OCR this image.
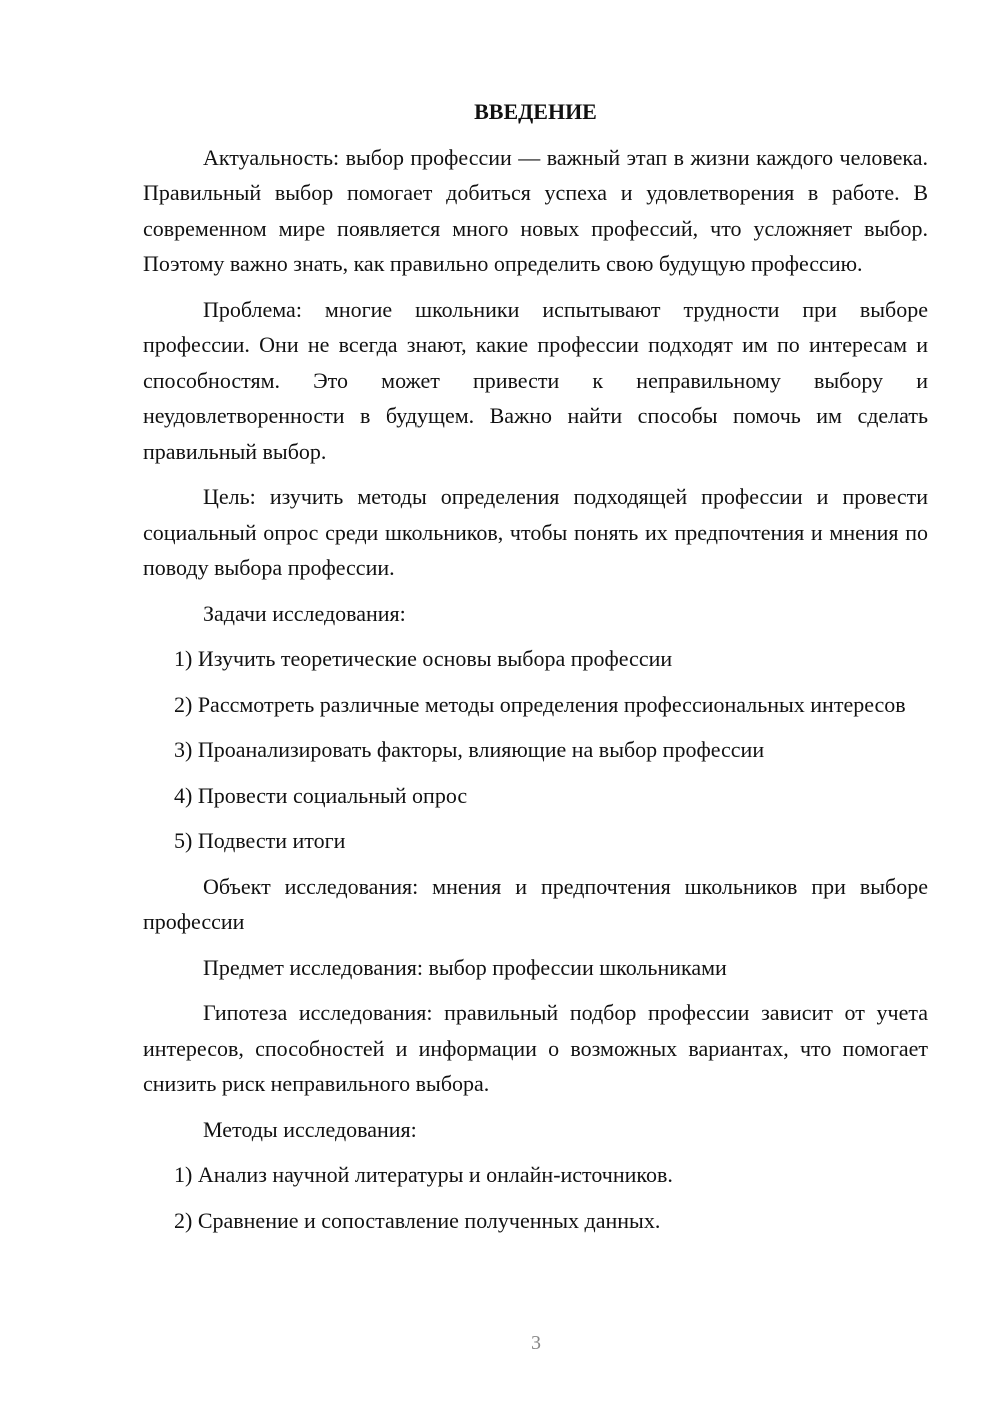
ВВЕДЕНИЕ
Актуальность: выбор профессии — важный этап в жизни каждого человека. Правильный выбор помогает добиться успеха и удовлетворения в работе. В современном мире появляется много новых профессий, что усложняет выбор. Поэтому важно знать, как правильно определить свою будущую профессию.
Проблема: многие школьники испытывают трудности при выборе профессии. Они не всегда знают, какие профессии подходят им по интересам и способностям. Это может привести к неправильному выбору и неудовлетворенности в будущем. Важно найти способы помочь им сделать правильный выбор.
Цель: изучить методы определения подходящей профессии и провести социальный опрос среди школьников, чтобы понять их предпочтения и мнения по поводу выбора профессии.
Задачи исследования:
1) Изучить теоретические основы выбора профессии
2) Рассмотреть различные методы определения профессиональных интересов
3) Проанализировать факторы, влияющие на выбор профессии
4) Провести социальный опрос
5) Подвести итоги
Объект исследования: мнения и предпочтения школьников при выборе профессии
Предмет исследования: выбор профессии школьниками
Гипотеза исследования: правильный подбор профессии зависит от учета интересов, способностей и информации о возможных вариантах, что помогает снизить риск неправильного выбора.
Методы исследования:
1) Анализ научной литературы и онлайн-источников.
2) Сравнение и сопоставление полученных данных.
3
